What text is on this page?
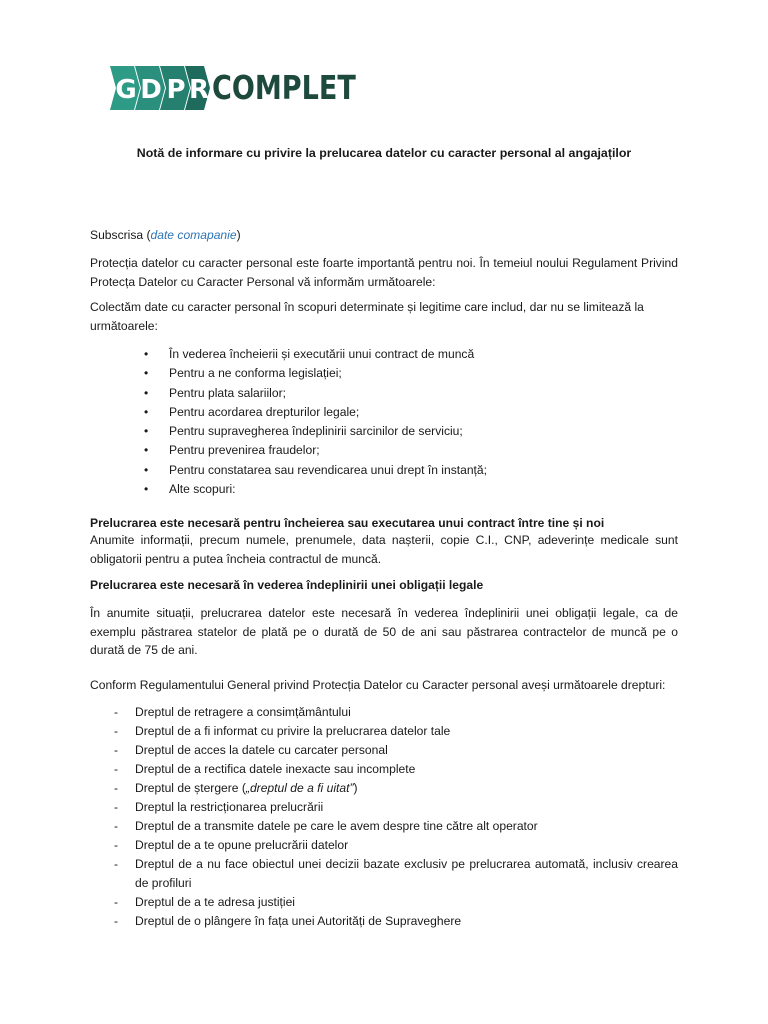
G D P R COMPLET
Notă de informare cu privire la prelucarea datelor cu caracter personal al angajaților
Subscrisa (date comapanie)
Protecția datelor cu caracter personal este foarte importantă pentru noi. În temeiul noului Regulament Privind Protecța Datelor cu Caracter Personal vă informăm următoarele:
Colectăm date cu caracter personal în scopuri determinate și legitime care includ, dar nu se limitează la următoarele:
• În vederea încheierii și executării unui contract de muncă
• Pentru a ne conforma legislației;
• Pentru plata salariilor;
• Pentru acordarea drepturilor legale;
• Pentru supravegherea îndeplinirii sarcinilor de serviciu;
• Pentru prevenirea fraudelor;
• Pentru constatarea sau revendicarea unui drept în instanță;
• Alte scopuri:
Prelucrarea este necesară pentru încheierea sau executarea unui contract între tine și noi
Anumite informații, precum numele, prenumele, data nașterii, copie C.I., CNP, adeverințe medicale sunt obligatorii pentru a putea încheia contractul de muncă.
Prelucrarea este necesară în vederea îndeplinirii unei obligații legale
În anumite situații, prelucrarea datelor este necesară în vederea îndeplinirii unei obligații legale, ca de exemplu păstrarea statelor de plată pe o durată de 50 de ani sau păstrarea contractelor de muncă pe o durată de 75 de ani.
Conform Regulamentului General privind Protecția Datelor cu Caracter personal aveși următoarele drepturi:
- Dreptul de retragere a consimțământului
- Dreptul de a fi informat cu privire la prelucrarea datelor tale
- Dreptul de acces la datele cu carcater personal
- Dreptul de a rectifica datele inexacte sau incomplete
- Dreptul de ștergere („dreptul de a fi uitat”)
- Dreptul la restricționarea prelucrării
- Dreptul de a transmite datele pe care le avem despre tine către alt operator
- Dreptul de a te opune prelucrării datelor
- Dreptul de a nu face obiectul unei decizii bazate exclusiv pe prelucrarea automată, inclusiv crearea de profiluri
- Dreptul de a te adresa justiției
- Dreptul de o plângere în fața unei Autorități de Supraveghere
